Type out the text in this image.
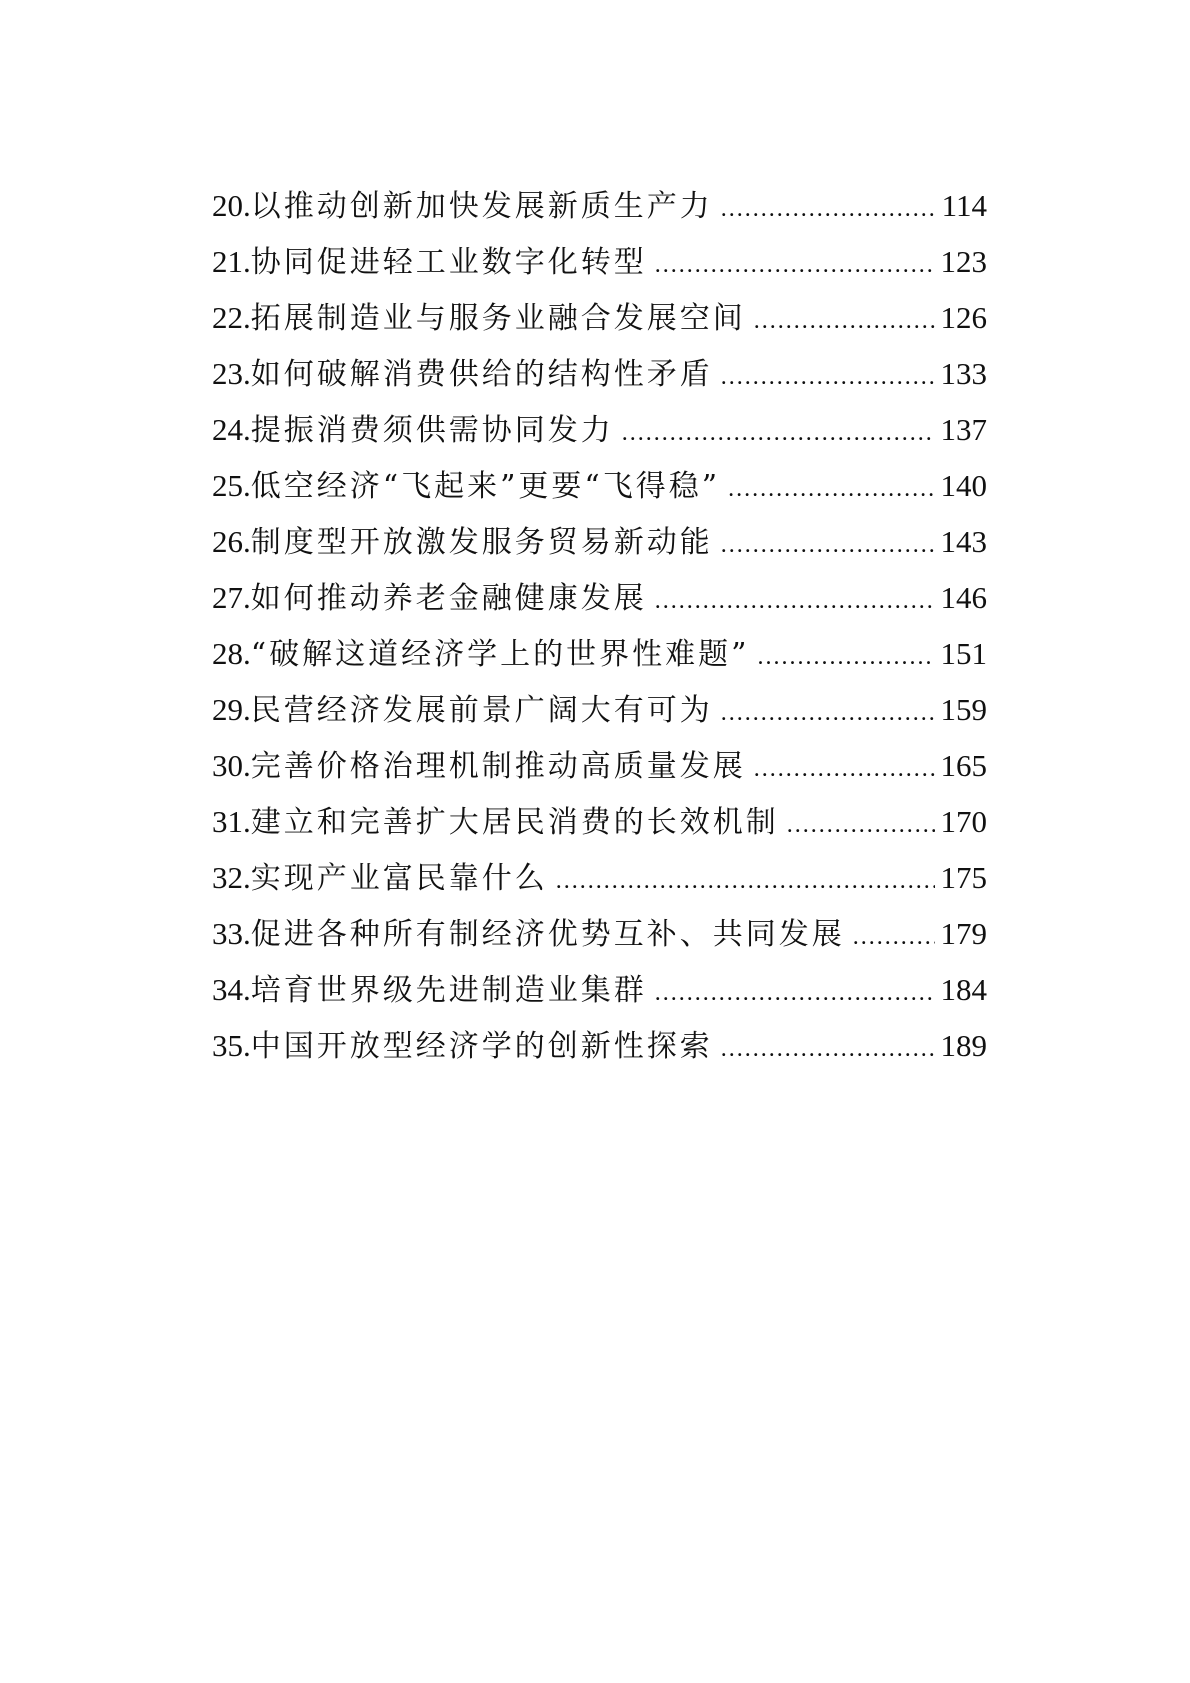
20. 以推动创新加快发展新质生产力 .....	114
21. 协同促进轻工业数字化转型 .....	123
22. 拓展制造业与服务业融合发展空间 .....	126
23. 如何破解消费供给的结构性矛盾 .....	133
24. 提振消费须供需协同发力 .....	137
25. 低空经济“飞起来”更要“飞得稳” .....	140
26. 制度型开放激发服务贸易新动能 .....	143
27. 如何推动养老金融健康发展 .....	146
28. “破解这道经济学上的世界性难题” .....	151
29. 民营经济发展前景广阔大有可为 .....	159
30. 完善价格治理机制推动高质量发展 .....	165
31. 建立和完善扩大居民消费的长效机制 .....	170
32. 实现产业富民靠什么 .....	175
33. 促进各种所有制经济优势互补、共同发展 .....	179
34. 培育世界级先进制造业集群 .....	184
35. 中国开放型经济学的创新性探索 .....	189
